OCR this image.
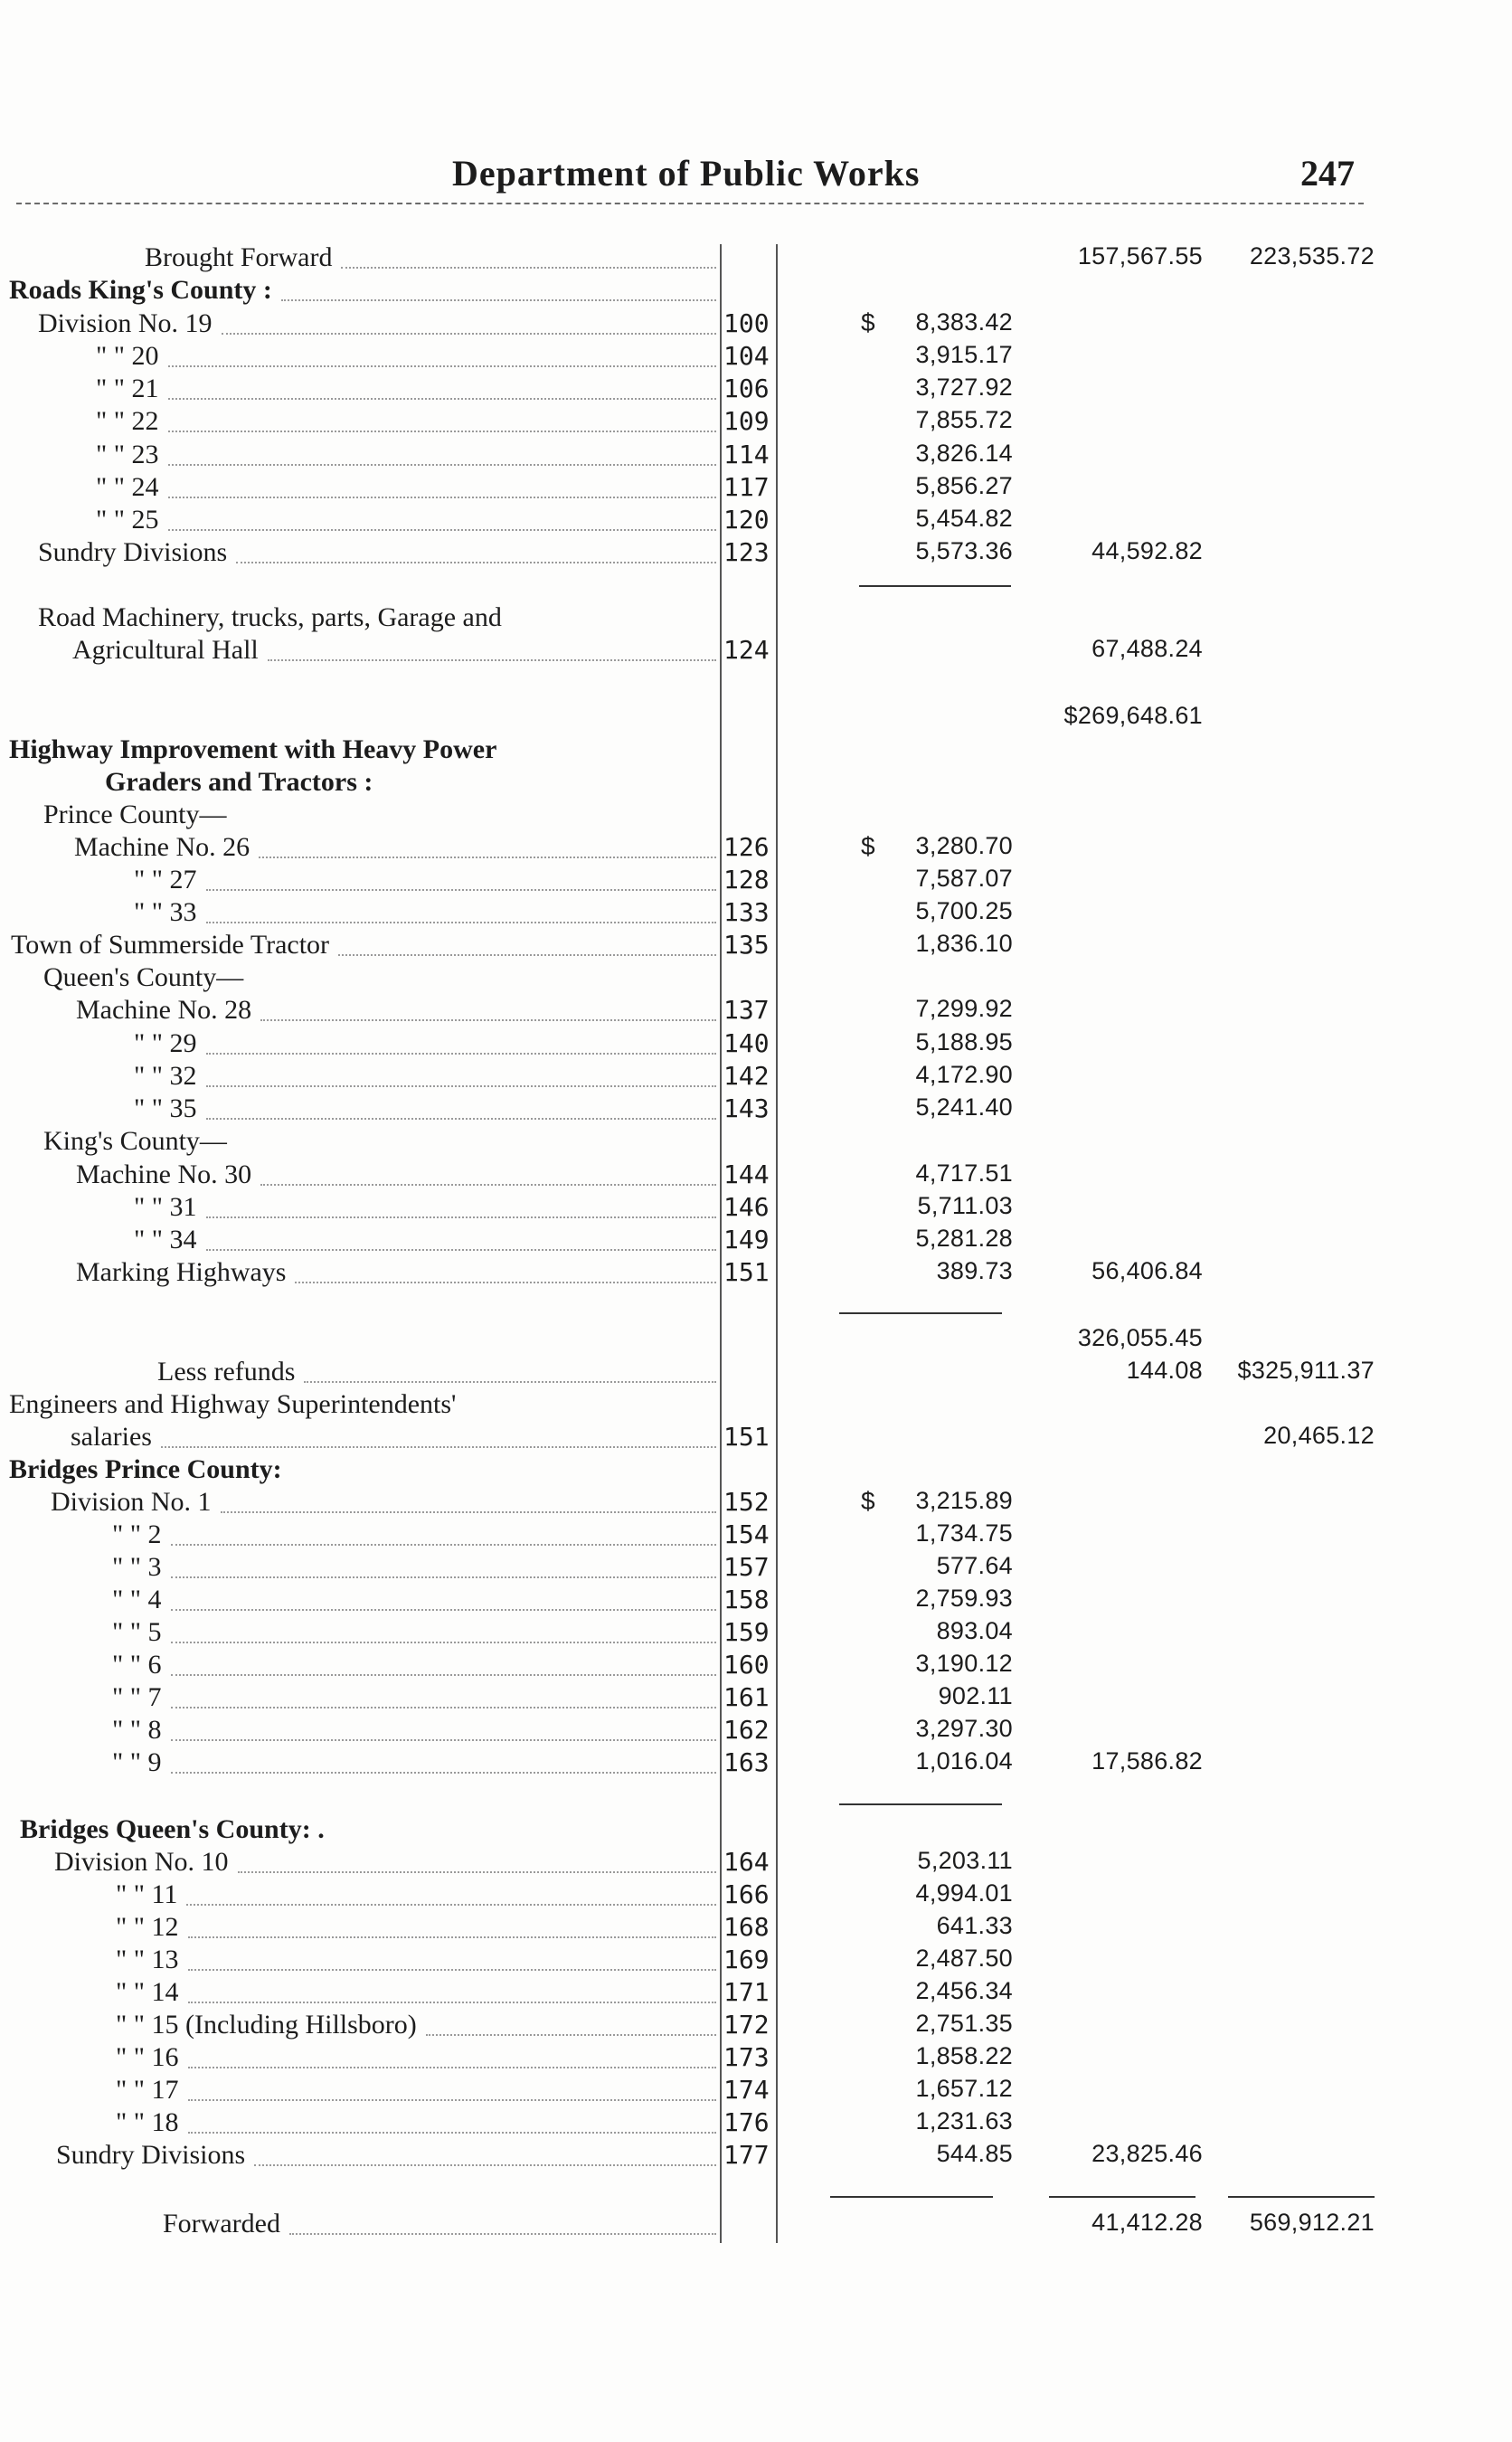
Department of Public Works	247
Brought Forward	157,567.55	223,535.72
Roads King's County :
Division No. 19	100	$	8,383.42
" " 20	104	3,915.17
" " 21	106	3,727.92
" " 22	109	7,855.72
" " 23	114	3,826.14
" " 24	117	5,856.27
" " 25	120	5,454.82
Sundry Divisions	123	5,573.36	44,592.82
Road Machinery, trucks, parts, Garage and
Agricultural Hall	124	67,488.24
$269,648.61
Highway Improvement with Heavy Power
Graders and Tractors :
Prince County—
Machine No. 26	126	$	3,280.70
" " 27	128	7,587.07
" " 33	133	5,700.25
Town of Summerside Tractor	135	1,836.10
Queen's County—
Machine No. 28	137	7,299.92
" " 29	140	5,188.95
" " 32	142	4,172.90
" " 35	143	5,241.40
King's County—
Machine No. 30	144	4,717.51
" " 31	146	5,711.03
" " 34	149	5,281.28
Marking Highways	151	389.73	56,406.84
326,055.45
Less refunds	144.08	$325,911.37
Engineers and Highway Superintendents'
salaries	151	20,465.12
Bridges Prince County:
Division No. 1	152	$	3,215.89
" " 2	154	1,734.75
" " 3	157	577.64
" " 4	158	2,759.93
" " 5	159	893.04
" " 6	160	3,190.12
" " 7	161	902.11
" " 8	162	3,297.30
" " 9	163	1,016.04	17,586.82
Bridges Queen's County: .
Division No. 10	164	5,203.11
" " 11	166	4,994.01
" " 12	168	641.33
" " 13	169	2,487.50
" " 14	171	2,456.34
" " 15 (Including Hillsboro)	172	2,751.35
" " 16	173	1,858.22
" " 17	174	1,657.12
" " 18	176	1,231.63
Sundry Divisions	177	544.85	23,825.46
Forwarded	41,412.28	569,912.21
